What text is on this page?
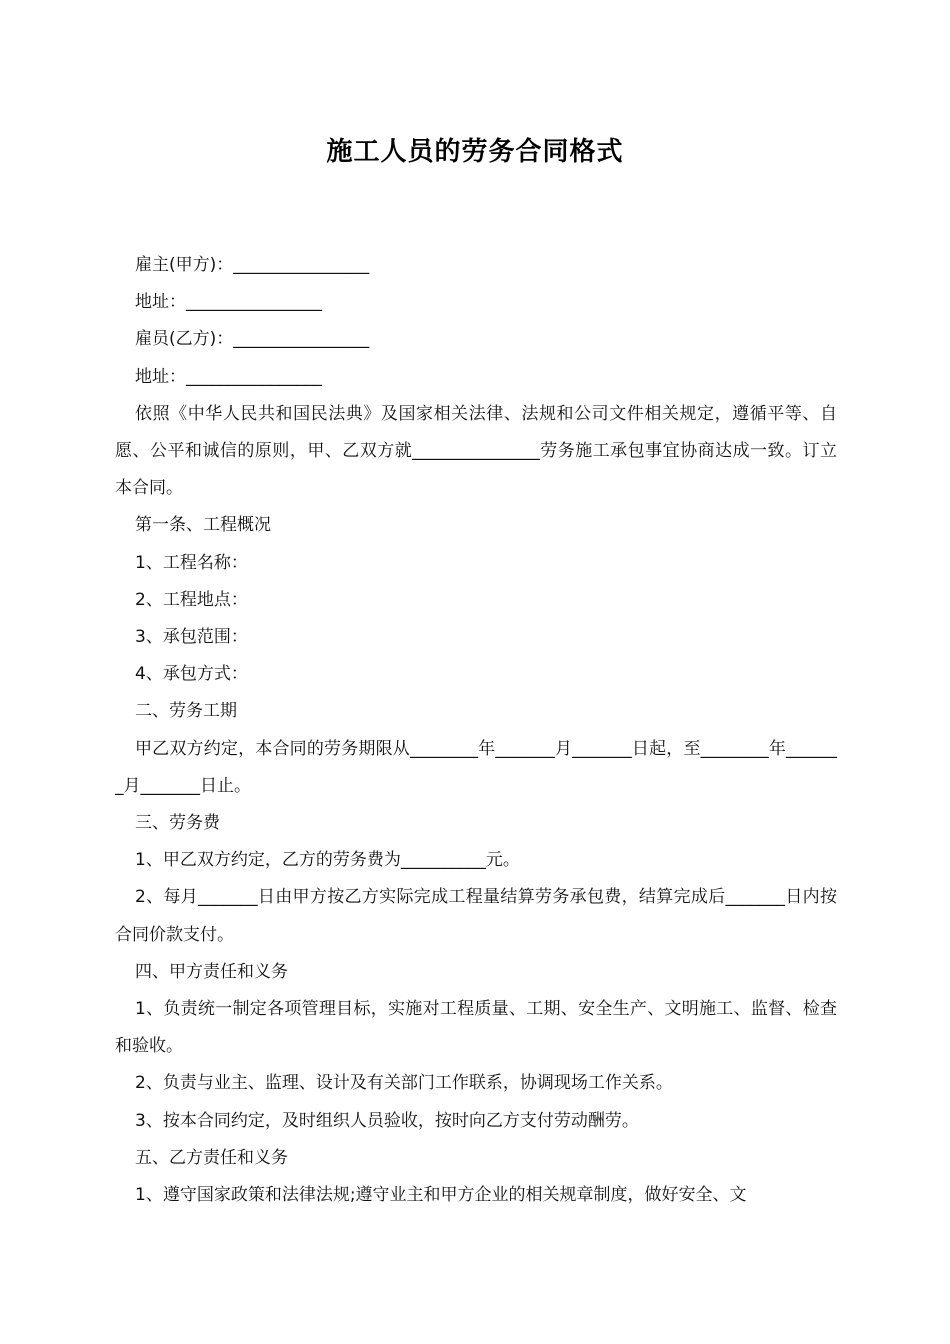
施工人员的劳务合同格式

雇主(甲方)：________________

地址：________________

雇员(乙方)：________________

地址：________________

依照《中华人民共和国民法典》及国家相关法律、法规和公司文件相关规定，遵循平等、自愿、公平和诚信的原则，甲、乙双方就_______________劳务施工承包事宜协商达成一致。订立本合同。

第一条、工程概况

1、工程名称：

2、工程地点：

3、承包范围：

4、承包方式：

二、劳务工期

甲乙双方约定，本合同的劳务期限从________年_______月_______日起，至________年_______月_______日止。

三、劳务费

1、甲乙双方约定，乙方的劳务费为__________元。

2、每月_______日由甲方按乙方实际完成工程量结算劳务承包费，结算完成后_______日内按合同价款支付。

四、甲方责任和义务

1、负责统一制定各项管理目标，实施对工程质量、工期、安全生产、文明施工、监督、检查和验收。

2、负责与业主、监理、设计及有关部门工作联系，协调现场工作关系。

3、按本合同约定，及时组织人员验收，按时向乙方支付劳动酬劳。

五、乙方责任和义务

1、遵守国家政策和法律法规;遵守业主和甲方企业的相关规章制度，做好安全、文
